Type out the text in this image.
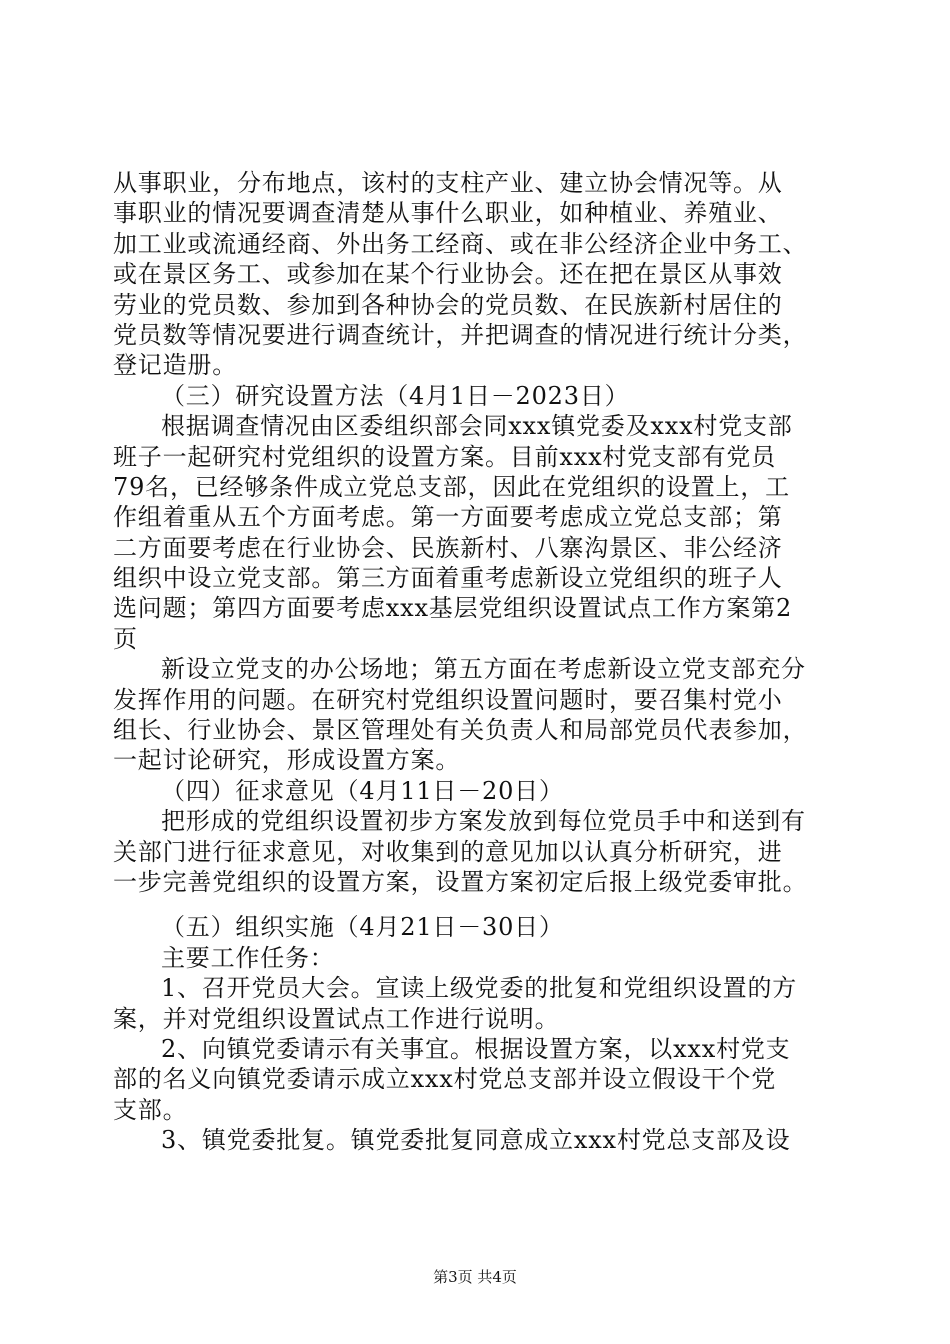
从事职业，分布地点，该村的支柱产业、建立协会情况等。从
事职业的情况要调查清楚从事什么职业，如种植业、养殖业、
加工业或流通经商、外出务工经商、或在非公经济企业中务工、
或在景区务工、或参加在某个行业协会。还在把在景区从事效
劳业的党员数、参加到各种协会的党员数、在民族新村居住的
党员数等情况要进行调查统计，并把调查的情况进行统计分类，
登记造册。
（三）研究设置方法（4月1日－2023日）
根据调查情况由区委组织部会同xxx镇党委及xxx村党支部
班子一起研究村党组织的设置方案。目前xxx村党支部有党员
79名，已经够条件成立党总支部，因此在党组织的设置上，工
作组着重从五个方面考虑。第一方面要考虑成立党总支部；第
二方面要考虑在行业协会、民族新村、八寨沟景区、非公经济
组织中设立党支部。第三方面着重考虑新设立党组织的班子人
选问题；第四方面要考虑xxx基层党组织设置试点工作方案第2
页
新设立党支的办公场地；第五方面在考虑新设立党支部充分
发挥作用的问题。在研究村党组织设置问题时，要召集村党小
组长、行业协会、景区管理处有关负责人和局部党员代表参加，
一起讨论研究，形成设置方案。
（四）征求意见（4月11日－20日）
把形成的党组织设置初步方案发放到每位党员手中和送到有
关部门进行征求意见，对收集到的意见加以认真分析研究，进
一步完善党组织的设置方案，设置方案初定后报上级党委审批。
（五）组织实施（4月21日－30日）
主要工作任务：
1、召开党员大会。宣读上级党委的批复和党组织设置的方
案，并对党组织设置试点工作进行说明。
2、向镇党委请示有关事宜。根据设置方案，以xxx村党支
部的名义向镇党委请示成立xxx村党总支部并设立假设干个党
支部。
3、镇党委批复。镇党委批复同意成立xxx村党总支部及设
第3页 共4页
